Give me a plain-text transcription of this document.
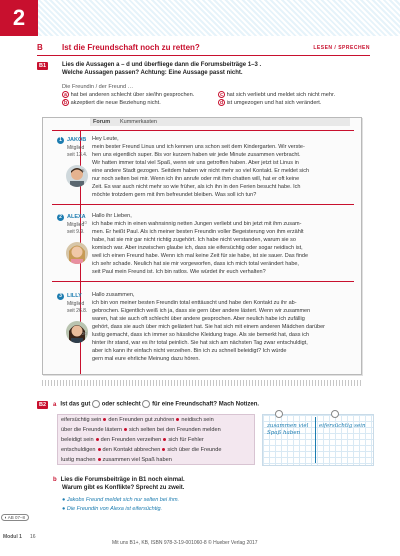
2
B Ist die Freundschaft noch zu retten?	LESEN / SPRECHEN
B1	Lies die Aussagen a – d und überfliege dann die Forumsbeiträge 1–3 .
Welche Aussagen passen? Achtung: Eine Aussage passt nicht.
Die Freundin / der Freund …
a hat bei anderen schlecht über sie/ihn gesprochen.
b akzeptiert die neue Beziehung nicht.
c hat sich verliebt und meldet sich nicht mehr.
d ist umgezogen und hat sich verändert.
Forum Kummerkasten
1 JAKOB
Mitglied
seit 13.4.
Hey Leute,
mein bester Freund Linus und ich kennen uns schon seit dem Kindergarten. Wir verste-
hen uns eigentlich super. Bis vor kurzem haben wir jede Minute zusammen verbracht.
Wir hatten immer total viel Spaß, wenn wir uns getroffen haben. Aber jetzt ist Linus in
eine andere Stadt gezogen. Seitdem haben wir nicht mehr so viel Kontakt. Er meldet sich
nur noch selten bei mir. Wenn ich ihn anrufe oder mit ihm chatten will, hat er oft keine
Zeit. Es war auch nicht mehr so wie früher, als ich ihn in den Ferien besucht habe. Ich
möchte trotzdem gern mit ihm befreundet bleiben. Was soll ich tun?
5
2 ALEXA
Mitglied
seit 9.9.
Hallo ihr Lieben,
ich habe mich in einen wahnsinnig netten Jungen verliebt und bin jetzt mit ihm zusam-
men. Er heißt Paul. Als ich meiner besten Freundin voller Begeisterung von ihm erzählt
habe, hat sie mir gar nicht richtig zugehört. Ich habe nicht verstanden, warum sie so
komisch war. Aber inzwischen glaube ich, dass sie eifersüchtig oder sogar neidisch ist,
weil ich einen Freund habe. Wenn ich mal keine Zeit für sie habe, ist sie sauer. Das finde
ich sehr schade. Neulich hat sie mir vorgeworfen, dass ich mich total verändert habe,
seit Paul mein Freund ist. Ich bin ratlos. Wie würdet ihr euch verhalten?
10
3 LILLY
Mitglied
seit 26.8.
Hallo zusammen,
ich bin von meiner besten Freundin total enttäuscht und habe den Kontakt zu ihr ab-
gebrochen. Eigentlich weiß ich ja, dass sie gern über andere lästert. Wenn wir zusammen
waren, hat sie auch oft schlecht über andere gesprochen. Aber neulich habe ich zufällig
gehört, dass sie auch über mich gelästert hat. Sie hat sich mit einem anderen Mädchen darüber
lustig gemacht, dass ich immer so hässliche Kleidung trage. Als sie bemerkt hat, dass ich
hinter ihr stand, war es ihr total peinlich. Sie hat sich am nächsten Tag zwar entschuldigt,
aber ich kann ihr einfach nicht verzeihen. Bin ich zu schnell beleidigt? Ich würde
gern mal eure ehrliche Meinung dazu hören.
20
B2	a Ist das gut oder schlecht für eine Freundschaft? Mach Notizen.
eifersüchtig sein den Freunden gut zuhören neidisch sein
über die Freunde lästern sich selten bei den Freunden melden
beleidigt sein den Freunden verzeihen sich für Fehler
entschuldigen den Kontakt abbrechen sich über die Freunde
lustig machen zusammen viel Spaß haben
zusammen viel Spaß haben
eifersüchtig sein
b Lies die Forumsbeiträge in B1 noch einmal.
Warum gibt es Konflikte? Sprecht zu zweit.
● Jakobs Freund meldet sich nur selten bei ihm.
● Die Freundin von Alexa ist eifersüchtig.
◖ AB 07–8
Modul 1 16
Mit uns B1+, KB, ISBN 978-3-19-001060-8 © Hueber Verlag 2017
